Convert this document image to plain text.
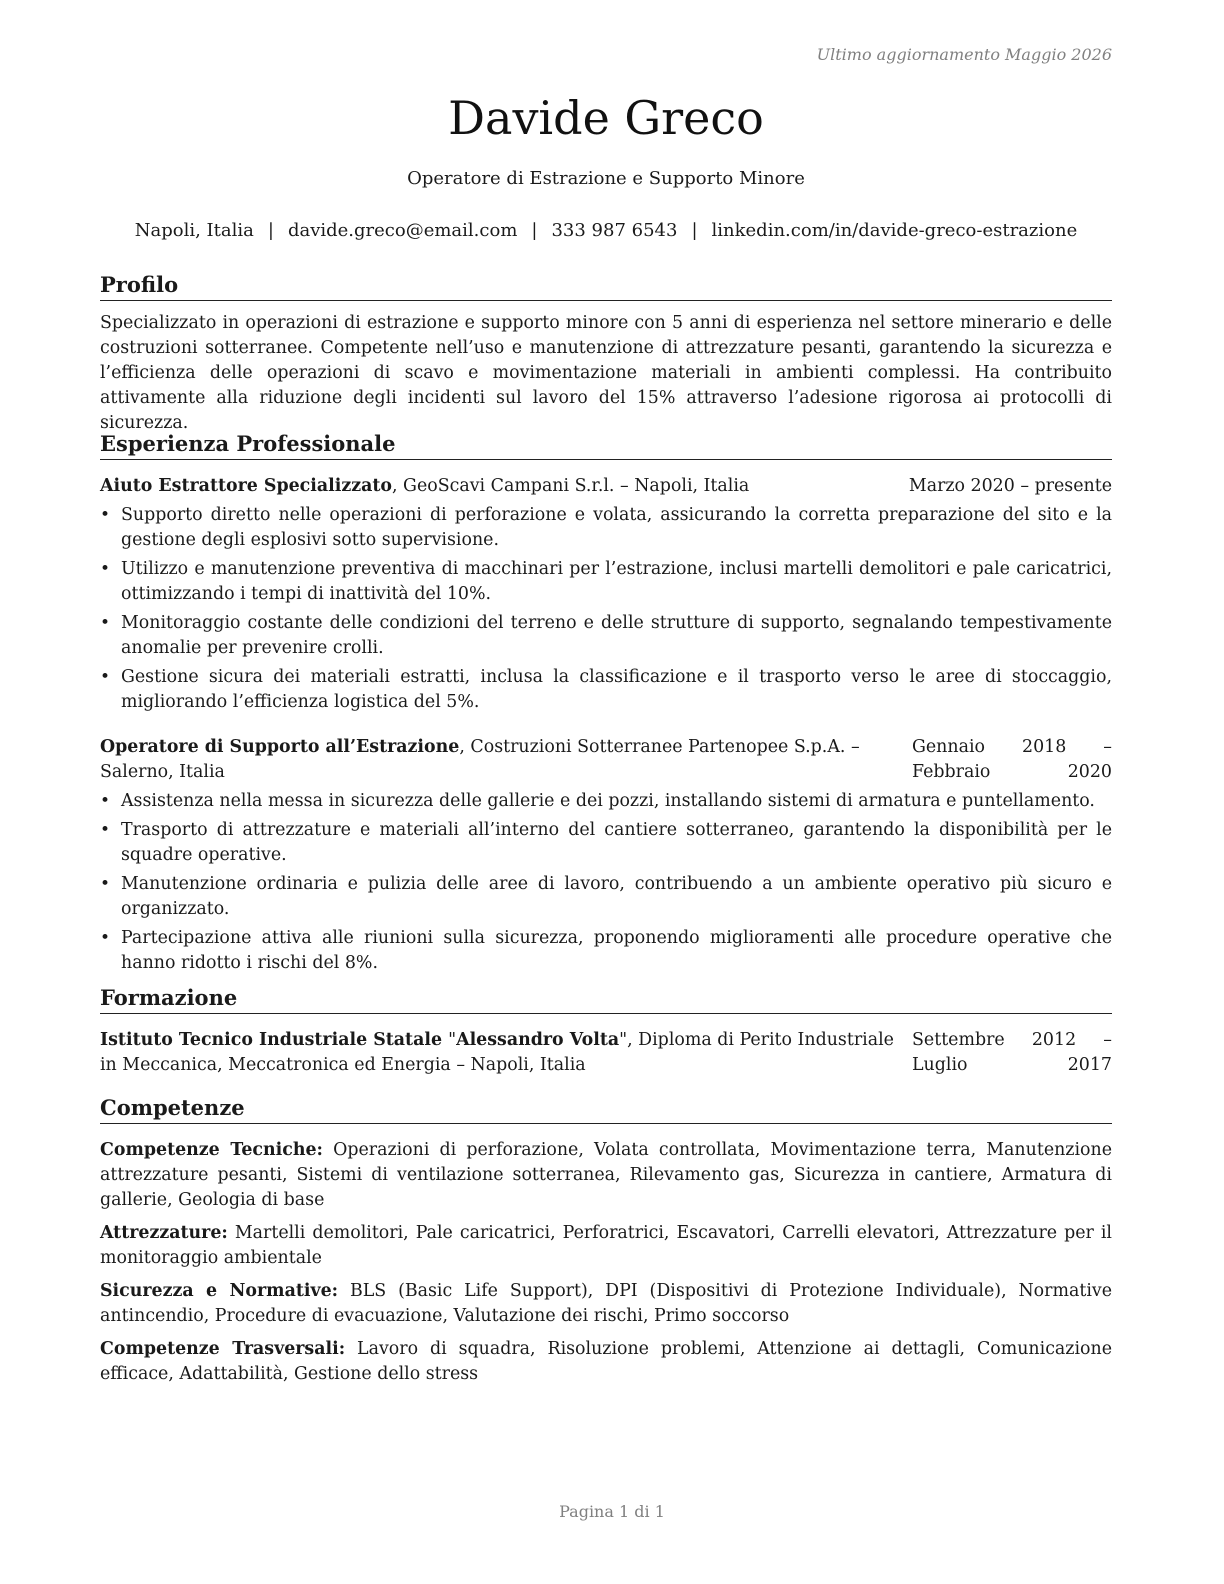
Ultimo aggiornamento Maggio 2026
Davide Greco
Operatore di Estrazione e Supporto Minore
Napoli, Italia | davide.greco@email.com | 333 987 6543 | linkedin.com/in/davide-greco-estrazione
Profilo

Specializzato in operazioni di estrazione e supporto minore con 5 anni di esperienza nel settore minerario e delle costruzioni sotterranee. Competente nell’uso e manutenzione di attrezzature pesanti, garantendo la sicurezza e l’efficienza delle operazioni di scavo e movimentazione materiali in ambienti complessi. Ha contribuito attivamente alla riduzione degli incidenti sul lavoro del 15% attraverso l’adesione rigorosa ai protocolli di sicurezza.

Esperienza Professionale
Aiuto Estrattore Specializzato, GeoScavi Campani S.r.l. – Napoli, Italia	Marzo 2020 – presente
• Supporto diretto nelle operazioni di perforazione e volata, assicurando la corretta preparazione del sito e la gestione degli esplosivi sotto supervisione.
• Utilizzo e manutenzione preventiva di macchinari per l’estrazione, inclusi martelli demolitori e pale caricatrici, ottimizzando i tempi di inattività del 10%.
• Monitoraggio costante delle condizioni del terreno e delle strutture di supporto, segnalando tempestivamente anomalie per prevenire crolli.
• Gestione sicura dei materiali estratti, inclusa la classificazione e il trasporto verso le aree di stoccaggio, migliorando l’efficienza logistica del 5%.
Operatore di Supporto all’Estrazione, Costruzioni Sotterranee Partenopee S.p.A. – Salerno, Italia
Gennaio 2018 – Febbraio 2020
• Assistenza nella messa in sicurezza delle gallerie e dei pozzi, installando sistemi di armatura e puntellamento.
• Trasporto di attrezzature e materiali all’interno del cantiere sotterraneo, garantendo la disponibilità per le squadre operative.
• Manutenzione ordinaria e pulizia delle aree di lavoro, contribuendo a un ambiente operativo più sicuro e organizzato.
• Partecipazione attiva alle riunioni sulla sicurezza, proponendo miglioramenti alle procedure operative che hanno ridotto i rischi del 8%.
Formazione
Istituto Tecnico Industriale Statale "Alessandro Volta", Diploma di Perito Industriale in Meccanica, Meccatronica ed Energia – Napoli, Italia
Settembre 2012 – Luglio 2017
Competenze

Competenze Tecniche: Operazioni di perforazione, Volata controllata, Movimentazione terra, Manutenzione attrezzature pesanti, Sistemi di ventilazione sotterranea, Rilevamento gas, Sicurezza in cantiere, Armatura di gallerie, Geologia di base

Attrezzature: Martelli demolitori, Pale caricatrici, Perforatrici, Escavatori, Carrelli elevatori, Attrezzature per il monitoraggio ambientale

Sicurezza e Normative: BLS (Basic Life Support), DPI (Dispositivi di Protezione Individuale), Normative antincendio, Procedure di evacuazione, Valutazione dei rischi, Primo soccorso

Competenze Trasversali: Lavoro di squadra, Risoluzione problemi, Attenzione ai dettagli, Comunicazione efficace, Adattabilità, Gestione dello stress

Pagina 1 di 1
